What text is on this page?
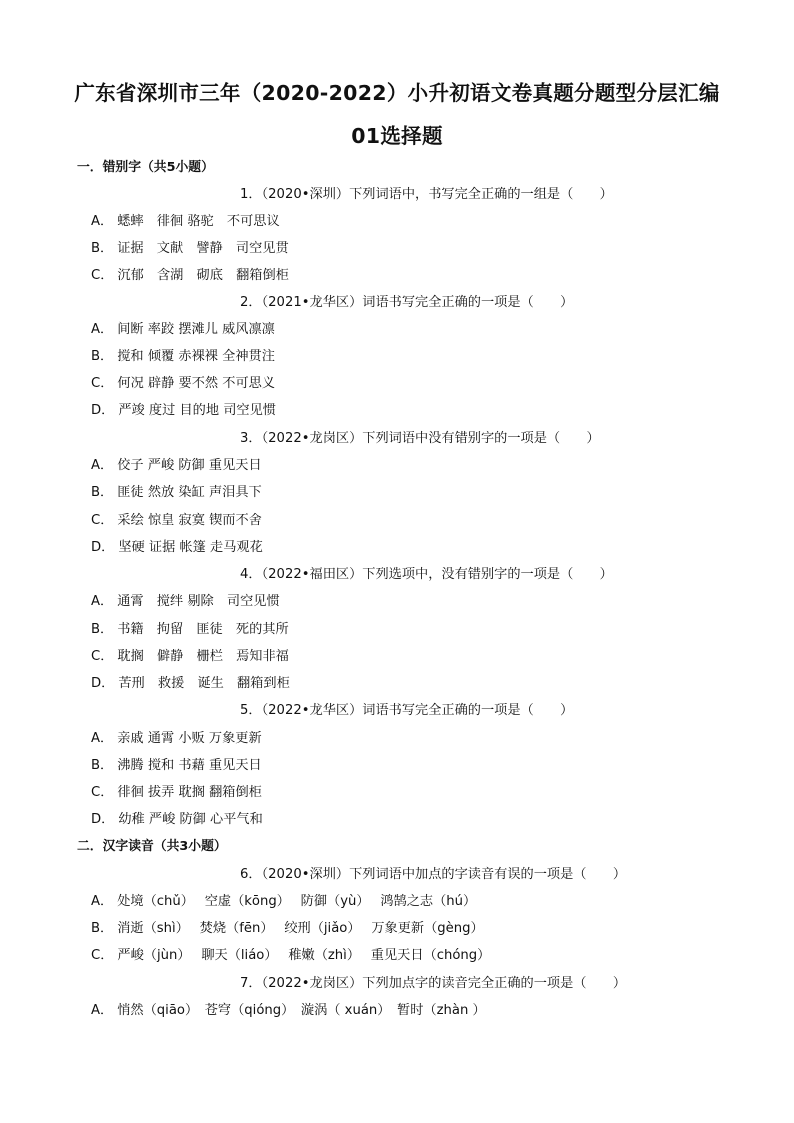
广东省深圳市三年（2020-2022）小升初语文卷真题分题型分层汇编
01选择题
一．错别字（共5小题）
1．（2020•深圳）下列词语中，书写完全正确的一组是（　　）
A． 蟋蟀　徘徊 骆驼　不可思议
B． 证据　文献　譬静　司空见贯
C． 沉郁　含湖　砌底　翻箱倒柜
2．（2021•龙华区）词语书写完全正确的一项是（　　）
A． 间断 率跤 摆滩儿 威风凛凛
B． 搅和 倾覆 赤裸裸 全神贯注
C． 何况 辟静 要不然 不可思义
D． 严竣 度过 目的地 司空见惯
3．（2022•龙岗区）下列词语中没有错别字的一项是（　　）
A． 佼子 严峻 防御 重见天日
B． 匪徒 然放 染缸 声泪具下
C． 采绘 惊皇 寂寞 锲而不舍
D． 坚硬 证据 帐篷 走马观花
4．（2022•福田区）下列选项中，没有错别字的一项是（　　）
A． 通霄　搅绊 剔除　司空见惯
B． 书籍　拘留　匪徒　死的其所
C． 耽搁　僻静　栅栏　焉知非福
D． 苦刑　救援　诞生　翻箱到柜
5．（2022•龙华区）词语书写完全正确的一项是（　　）
A． 亲戚 通霄 小贩 万象更新
B． 沸腾 搅和 书藉 重见天日
C． 徘徊 拔弄 耽搁 翻箱倒柜
D． 幼稚 严峻 防御 心平气和
二．汉字读音（共3小题）
6．（2020•深圳）下列词语中加点的字读音有误的一项是（　　）
A． 处境（chǔ）　 空虚（kōng）　 防御（yù）　 鸿鹄之志（hú）
B． 消逝（shì）　 焚烧（fēn）　 绞刑（jiǎo）　 万象更新（gèng）
C． 严峻（jùn）　 聊天（liáo）　 稚嫩（zhì）　 重见天日（chóng）
7．（2022•龙岗区）下列加点字的读音完全正确的一项是（　　）
A． 悄然（qiāo）　苍穹（qióng）　漩涡（ xuán）　暂时（zhàn ）
